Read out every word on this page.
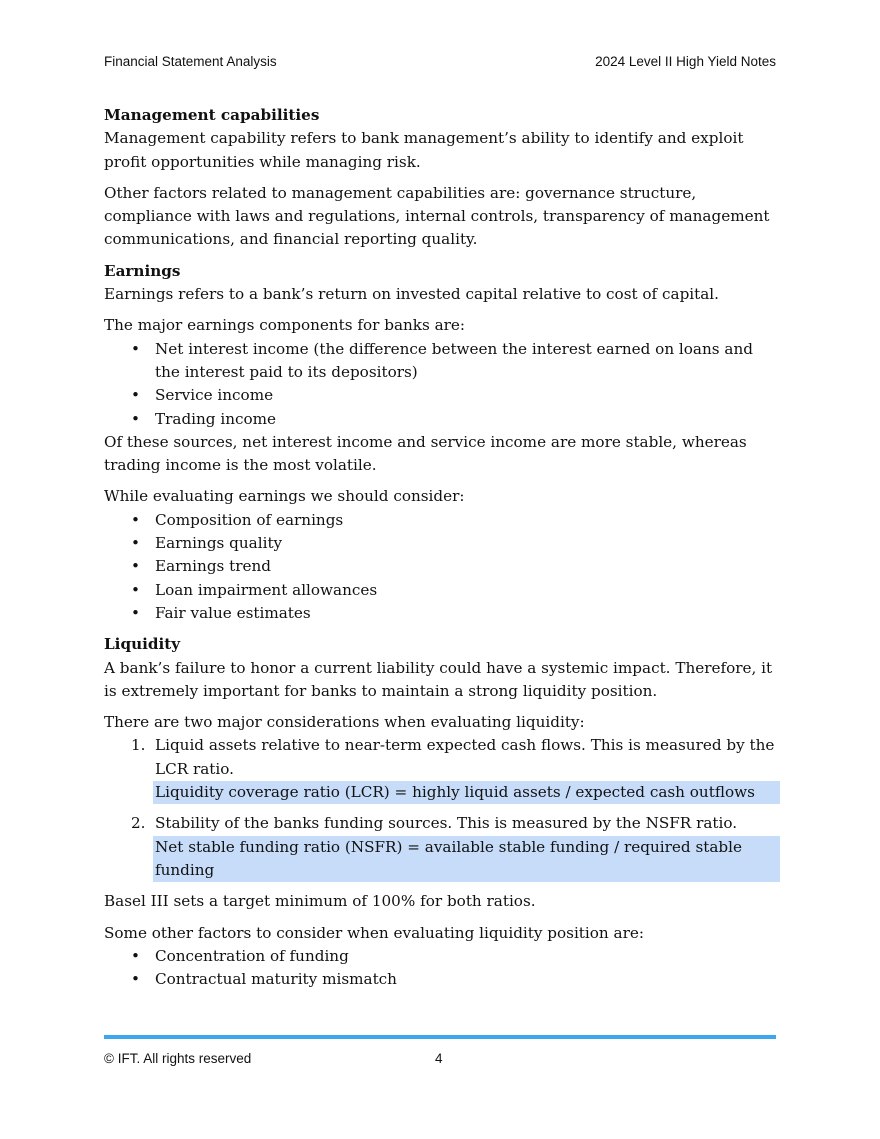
Financial Statement Analysis	2024 Level II High Yield Notes

Management capabilities

Management capability refers to bank management’s ability to identify and exploit profit opportunities while managing risk.

Other factors related to management capabilities are: governance structure, compliance with laws and regulations, internal controls, transparency of management communications, and financial reporting quality.

Earnings

Earnings refers to a bank’s return on invested capital relative to cost of capital.

The major earnings components for banks are:

• Net interest income (the difference between the interest earned on loans and the interest paid to its depositors)
• Service income
• Trading income

Of these sources, net interest income and service income are more stable, whereas trading income is the most volatile.

While evaluating earnings we should consider:

• Composition of earnings
• Earnings quality
• Earnings trend
• Loan impairment allowances
• Fair value estimates

Liquidity

A bank’s failure to honor a current liability could have a systemic impact. Therefore, it is extremely important for banks to maintain a strong liquidity position.

There are two major considerations when evaluating liquidity:

1. Liquid assets relative to near-term expected cash flows. This is measured by the LCR ratio.
Liquidity coverage ratio (LCR) = highly liquid assets / expected cash outflows
2. Stability of the banks funding sources. This is measured by the NSFR ratio.
Net stable funding ratio (NSFR) = available stable funding / required stable funding

Basel III sets a target minimum of 100% for both ratios.

Some other factors to consider when evaluating liquidity position are:

• Concentration of funding
• Contractual maturity mismatch
© IFT. All rights reserved	4
